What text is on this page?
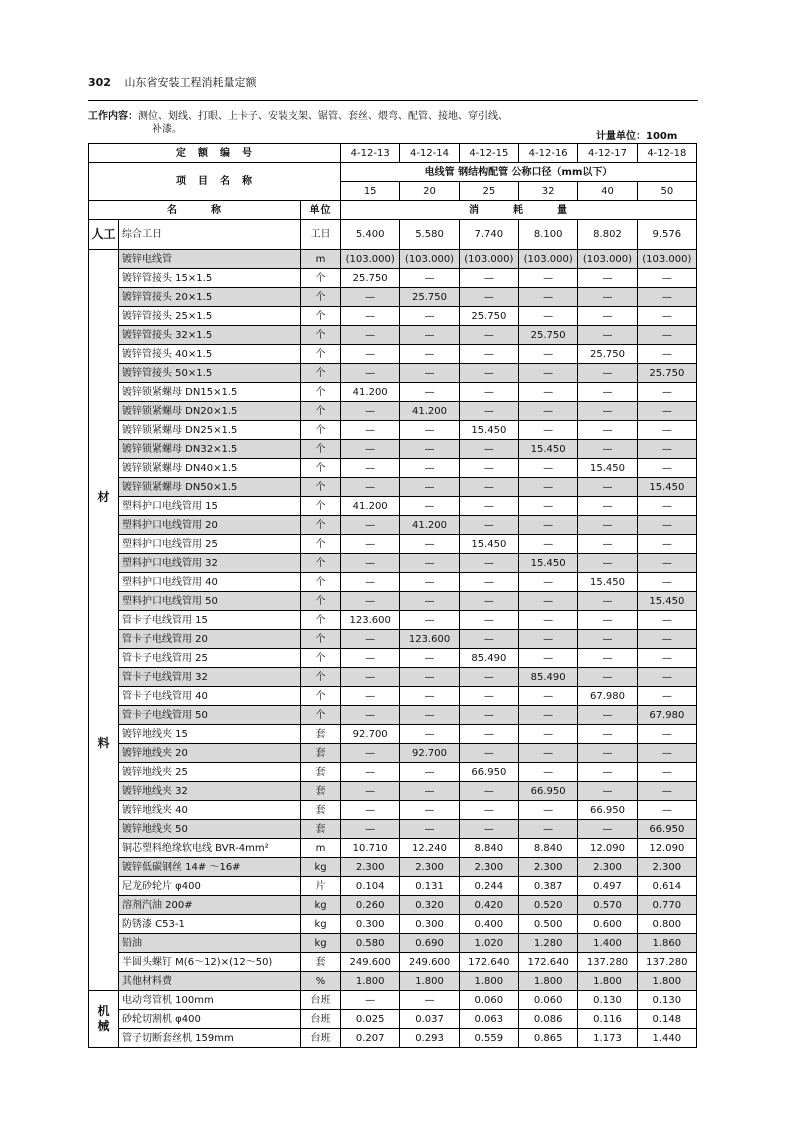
302 山东省安装工程消耗量定额
工作内容：测位、划线、打眼、上卡子、安装支架、锯管、套丝、煨弯、配管、接地、穿引线、
补漆。
计量单位：100m
定　额　编　号			4-12-13	4-12-14	4-12-15	4-12-16	4-12-17	4-12-18
项　目　名　称			电线管 钢结构配管 公称口径（mm以下）					
			15	20	25	32	40	50
名　　　称		单位	消　　　耗　　　量					
人工	综合工日	工日	5.400	5.580	7.740	8.100	8.802	9.576

材
料	镀锌电线管	m	(103.000)	(103.000)	(103.000)	(103.000)	(103.000)	(103.000)
	镀锌管接头 15×1.5	个	25.750	—	—	—	—	—
	镀锌管接头 20×1.5	个	—	25.750	—	—	—	—
	镀锌管接头 25×1.5	个	—	—	25.750	—	—	—
	镀锌管接头 32×1.5	个	—	—	—	25.750	—	—
	镀锌管接头 40×1.5	个	—	—	—	—	25.750	—
	镀锌管接头 50×1.5	个	—	—	—	—	—	25.750
	镀锌锁紧螺母 DN15×1.5	个	41.200	—	—	—	—	—
	镀锌锁紧螺母 DN20×1.5	个	—	41.200	—	—	—	—
	镀锌锁紧螺母 DN25×1.5	个	—	—	15.450	—	—	—
	镀锌锁紧螺母 DN32×1.5	个	—	—	—	15.450	—	—
	镀锌锁紧螺母 DN40×1.5	个	—	—	—	—	15.450	—
	镀锌锁紧螺母 DN50×1.5	个	—	—	—	—	—	15.450
	塑料护口电线管用 15	个	41.200	—	—	—	—	—
	塑料护口电线管用 20	个	—	41.200	—	—	—	—
	塑料护口电线管用 25	个	—	—	15.450	—	—	—
	塑料护口电线管用 32	个	—	—	—	15.450	—	—
	塑料护口电线管用 40	个	—	—	—	—	15.450	—
	塑料护口电线管用 50	个	—	—	—	—	—	15.450
	管卡子电线管用 15	个	123.600	—	—	—	—	—
	管卡子电线管用 20	个	—	123.600	—	—	—	—
	管卡子电线管用 25	个	—	—	85.490	—	—	—
	管卡子电线管用 32	个	—	—	—	85.490	—	—
	管卡子电线管用 40	个	—	—	—	—	67.980	—
	管卡子电线管用 50	个	—	—	—	—	—	67.980
	镀锌地线夹 15	套	92.700	—	—	—	—	—
	镀锌地线夹 20	套	—	92.700	—	—	—	—
	镀锌地线夹 25	套	—	—	66.950	—	—	—
	镀锌地线夹 32	套	—	—	—	66.950	—	—
	镀锌地线夹 40	套	—	—	—	—	66.950	—
	镀锌地线夹 50	套	—	—	—	—	—	66.950
	铜芯塑料绝缘软电线 BVR-4mm²	m	10.710	12.240	8.840	8.840	12.090	12.090
	镀锌低碳钢丝 14# ～16#	kg	2.300	2.300	2.300	2.300	2.300	2.300
	尼龙砂轮片 φ400	片	0.104	0.131	0.244	0.387	0.497	0.614
	溶剂汽油 200#	kg	0.260	0.320	0.420	0.520	0.570	0.770
	防锈漆 C53-1	kg	0.300	0.300	0.400	0.500	0.600	0.800
	铅油	kg	0.580	0.690	1.020	1.280	1.400	1.860
	半圆头螺钉 M(6～12)×(12～50)	套	249.600	249.600	172.640	172.640	137.280	137.280
	其他材料费	%	1.800	1.800	1.800	1.800	1.800	1.800
机械	电动弯管机 100mm	台班	—	—	0.060	0.060	0.130	0.130
	砂轮切割机 φ400	台班	0.025	0.037	0.063	0.086	0.116	0.148
	管子切断套丝机 159mm	台班	0.207	0.293	0.559	0.865	1.173	1.440
